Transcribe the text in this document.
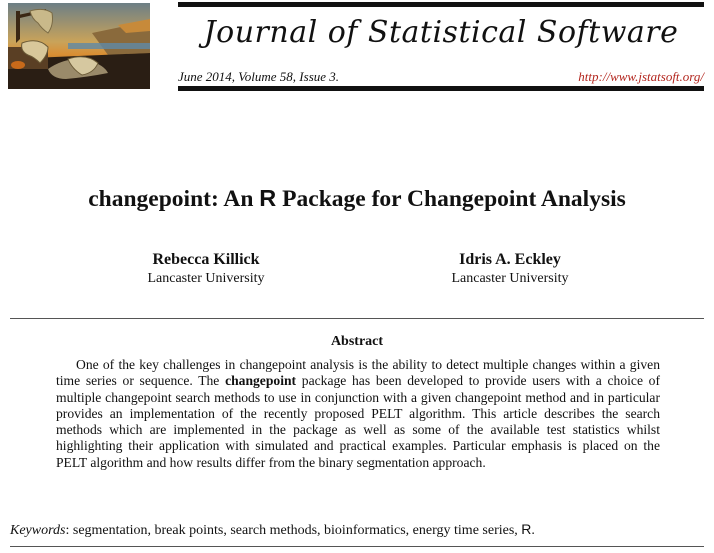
Journal of Statistical Software
June 2014, Volume 58, Issue 3.	http://www.jstatsoft.org/
changepoint: An R Package for Changepoint Analysis
Rebecca Killick
Lancaster University
Idris A. Eckley
Lancaster University
Abstract

One of the key challenges in changepoint analysis is the ability to detect multiple changes within a given time series or sequence. The changepoint package has been developed to provide users with a choice of multiple changepoint search methods to use in conjunction with a given changepoint method and in particular provides an implementation of the recently proposed PELT algorithm. This article describes the search methods which are implemented in the package as well as some of the available test statistics whilst highlighting their application with simulated and practical examples. Particular emphasis is placed on the PELT algorithm and how results differ from the binary segmentation approach.

Keywords: segmentation, break points, search methods, bioinformatics, energy time series, R.
